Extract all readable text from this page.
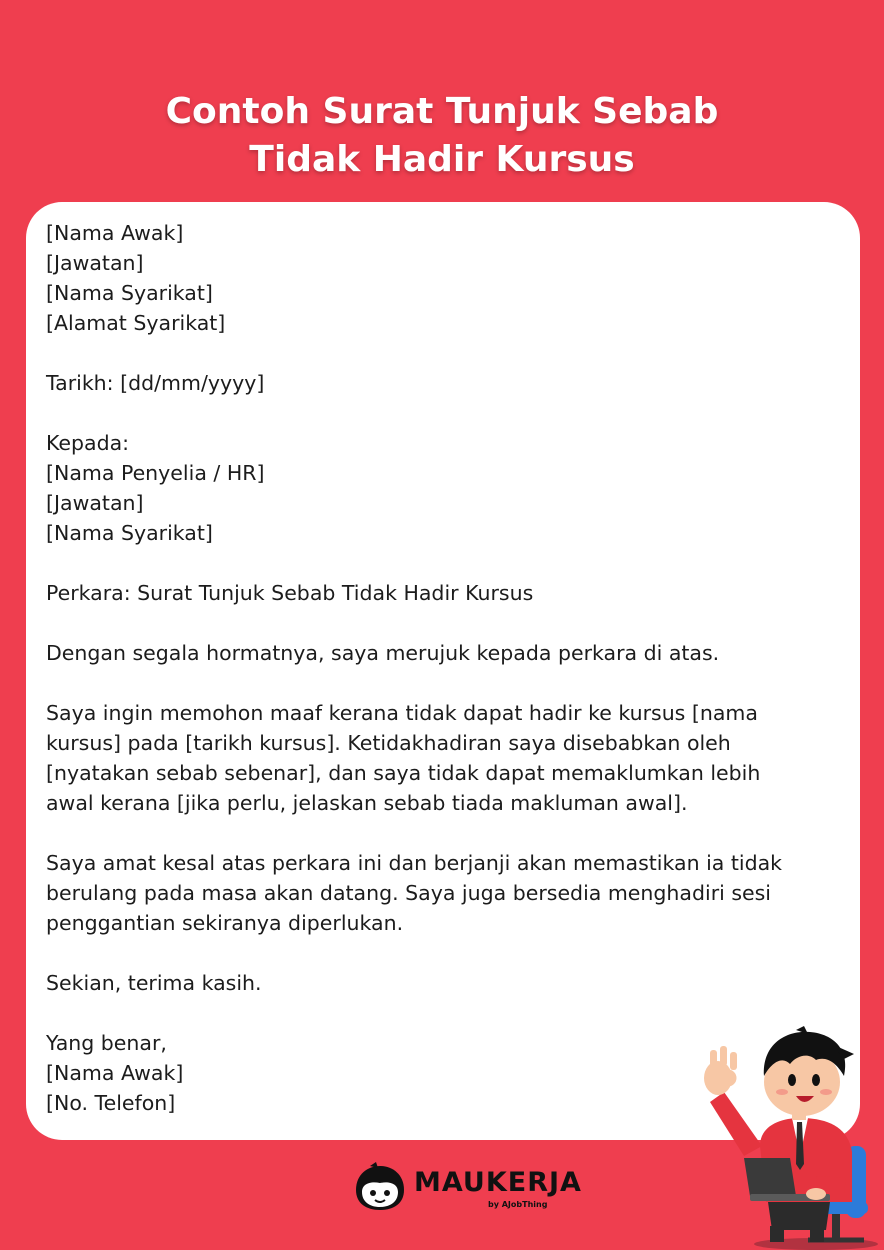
Contoh Surat Tunjuk Sebab
Tidak Hadir Kursus
[Nama Awak]
[Jawatan]
[Nama Syarikat]
[Alamat Syarikat]
Tarikh: [dd/mm/yyyy]
Kepada:
[Nama Penyelia / HR]
[Jawatan]
[Nama Syarikat]
Perkara: Surat Tunjuk Sebab Tidak Hadir Kursus
Dengan segala hormatnya, saya merujuk kepada perkara di atas.
Saya ingin memohon maaf kerana tidak dapat hadir ke kursus [nama
kursus] pada [tarikh kursus]. Ketidakhadiran saya disebabkan oleh
[nyatakan sebab sebenar], dan saya tidak dapat memaklumkan lebih
awal kerana [jika perlu, jelaskan sebab tiada makluman awal].
Saya amat kesal atas perkara ini dan berjanji akan memastikan ia tidak
berulang pada masa akan datang. Saya juga bersedia menghadiri sesi
penggantian sekiranya diperlukan.
Sekian, terima kasih.
Yang benar,
[Nama Awak]
[No. Telefon]
MAUKERJA
by AJobThing
